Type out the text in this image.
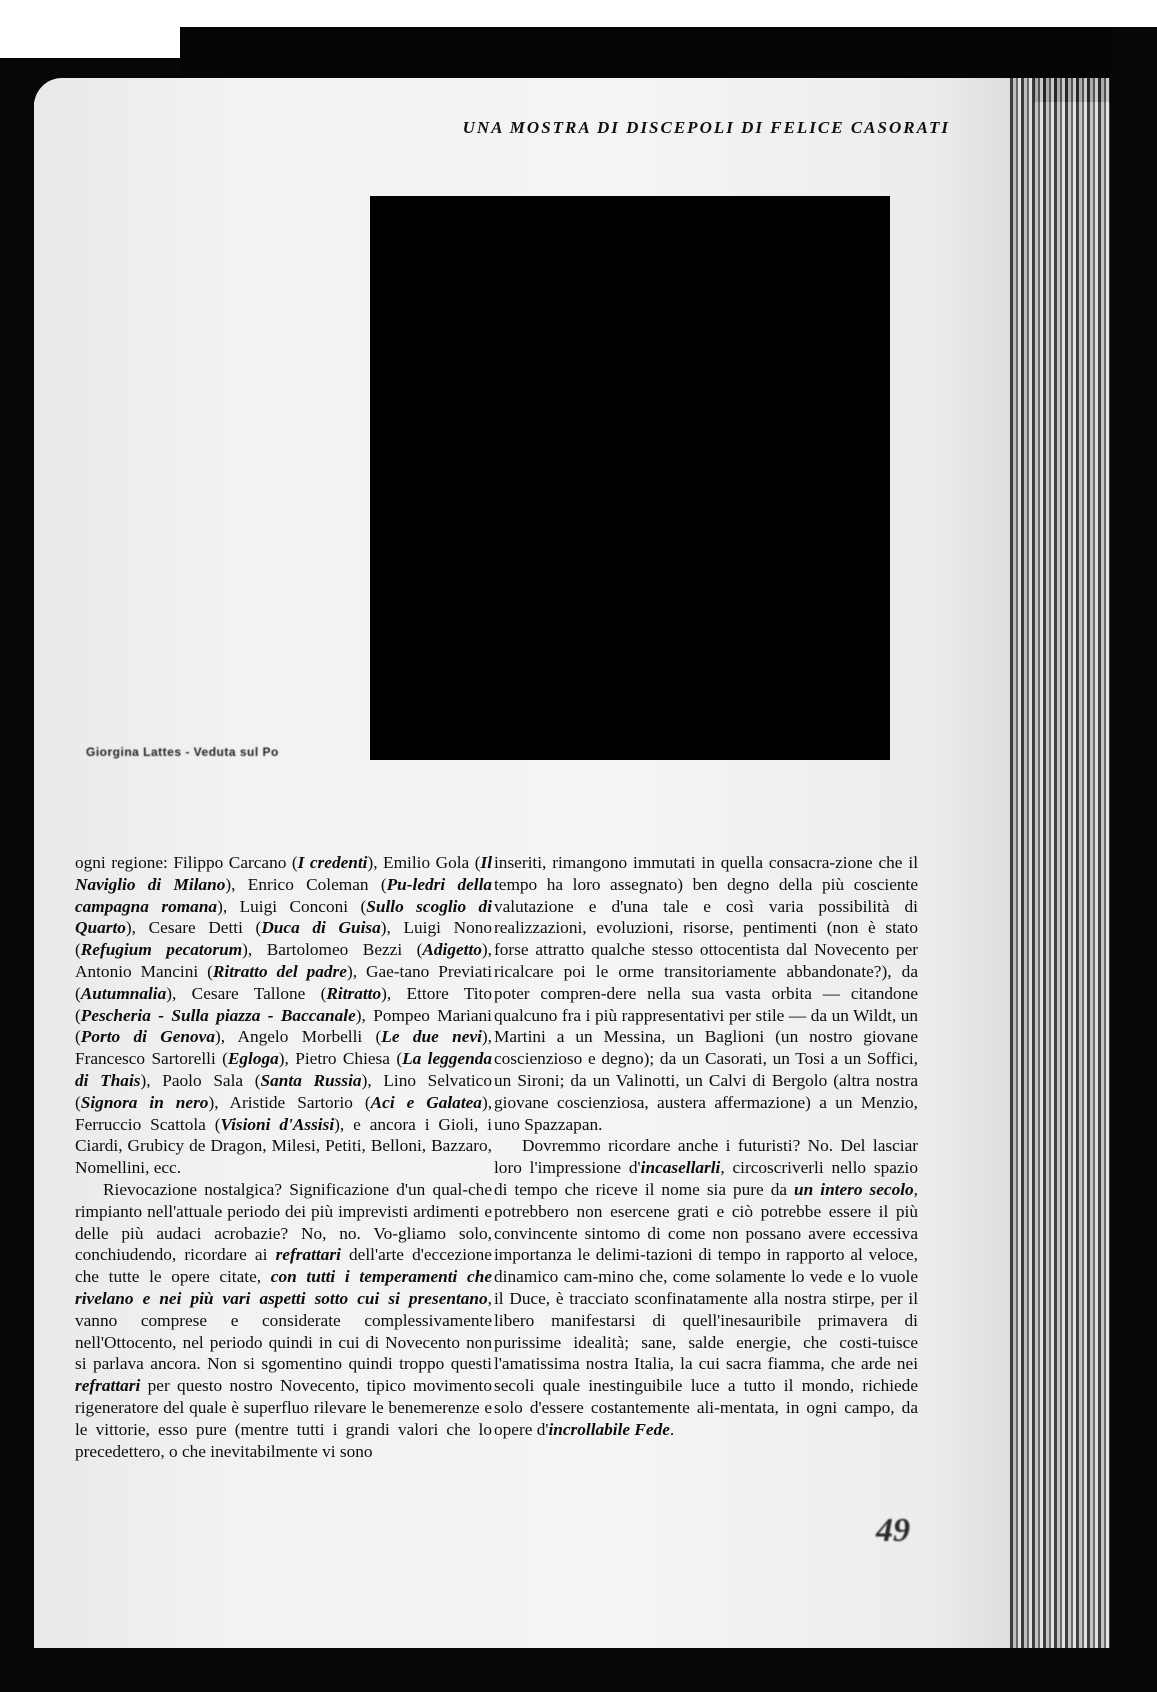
UNA MOSTRA DI DISCEPOLI DI FELICE CASORATI
Giorgina Lattes - Veduta sul Po

ogni regione: Filippo Carcano (I credenti), Emilio Gola (Il Naviglio di Milano), Enrico Coleman (Pu-ledri della campagna romana), Luigi Conconi (Sullo scoglio di Quarto), Cesare Detti (Duca di Guisa), Luigi Nono (Refugium pecatorum), Bartolomeo Bezzi (Adigetto), Antonio Mancini (Ritratto del padre), Gae-tano Previati (Autumnalia), Cesare Tallone (Ritratto), Ettore Tito (Pescheria - Sulla piazza - Baccanale), Pompeo Mariani (Porto di Genova), Angelo Morbelli (Le due nevi), Francesco Sartorelli (Egloga), Pietro Chiesa (La leggenda di Thais), Paolo Sala (Santa Russia), Lino Selvatico (Signora in nero), Aristide Sartorio (Aci e Galatea), Ferruccio Scattola (Visioni d'Assisi), e ancora i Gioli, i Ciardi, Grubicy de Dragon, Milesi, Petiti, Belloni, Bazzaro, Nomellini, ecc.

Rievocazione nostalgica? Significazione d'un qual-che rimpianto nell'attuale periodo dei più imprevisti ardimenti e delle più audaci acrobazie? No, no. Vo-gliamo solo, conchiudendo, ricordare ai refrattari dell'arte d'eccezione che tutte le opere citate, con tutti i temperamenti che rivelano e nei più vari aspetti sotto cui si presentano, vanno comprese e considerate complessivamente nell'Ottocento, nel periodo quindi in cui di Novecento non si parlava ancora. Non si sgomentino quindi troppo questi refrattari per questo nostro Novecento, tipico movimento rigeneratore del quale è superfluo rilevare le benemerenze e le vittorie, esso pure (mentre tutti i grandi valori che lo precedettero, o che inevitabilmente vi sono

inseriti, rimangono immutati in quella consacra-zione che il tempo ha loro assegnato) ben degno della più cosciente valutazione e d'una tale e così varia possibilità di realizzazioni, evoluzioni, risorse, pentimenti (non è stato forse attratto qualche stesso ottocentista dal Novecento per ricalcare poi le orme transitoriamente abbandonate?), da poter compren-dere nella sua vasta orbita — citandone qualcuno fra i più rappresentativi per stile — da un Wildt, un Martini a un Messina, un Baglioni (un nostro giovane coscienzioso e degno); da un Casorati, un Tosi a un Soffici, un Sironi; da un Valinotti, un Calvi di Bergolo (altra nostra giovane coscienziosa, austera affermazione) a un Menzio, uno Spazzapan.

Dovremmo ricordare anche i futuristi? No. Del lasciar loro l'impressione d'incasellarli, circoscriverli nello spazio di tempo che riceve il nome sia pure da un intero secolo, potrebbero non esercene grati e ciò potrebbe essere il più convincente sintomo di come non possano avere eccessiva importanza le delimi-tazioni di tempo in rapporto al veloce, dinamico cam-mino che, come solamente lo vede e lo vuole il Duce, è tracciato sconfinatamente alla nostra stirpe, per il libero manifestarsi di quell'inesauribile primavera di purissime idealità; sane, salde energie, che costi-tuisce l'amatissima nostra Italia, la cui sacra fiamma, che arde nei secoli quale inestinguibile luce a tutto il mondo, richiede solo d'essere costantemente ali-mentata, in ogni campo, da opere d'incrollabile Fede.

49
